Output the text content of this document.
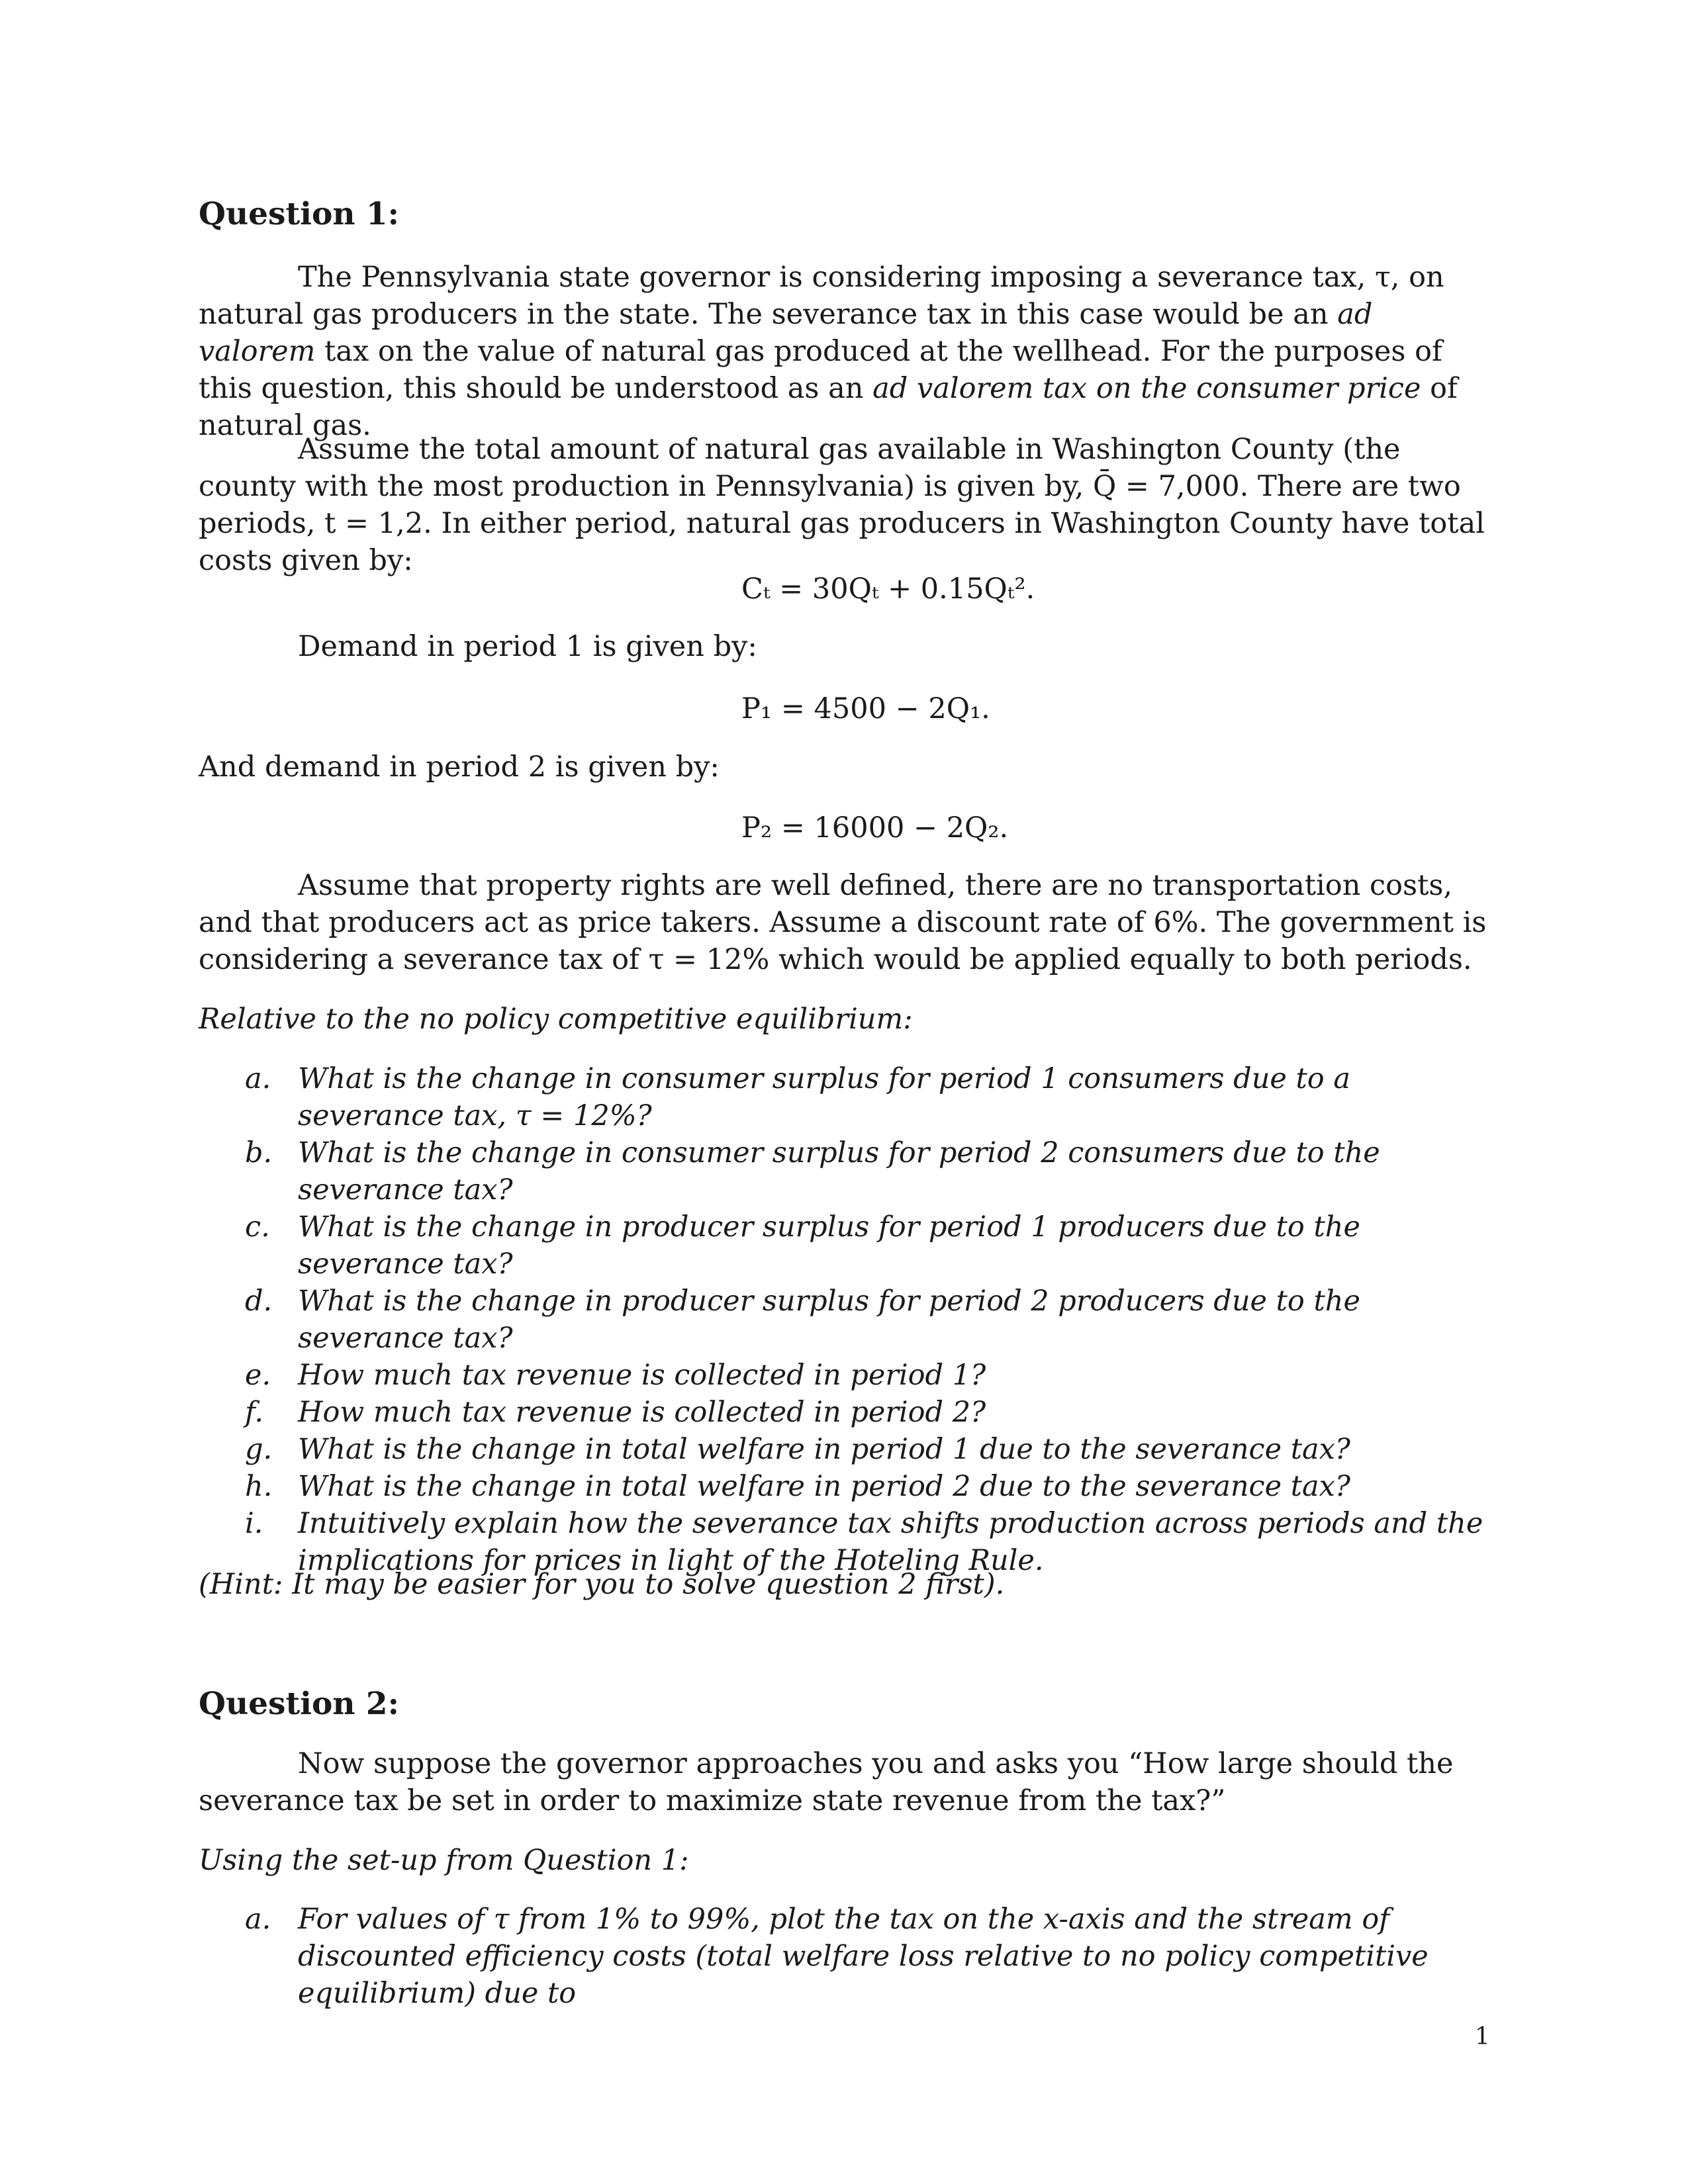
Question 1:

The Pennsylvania state governor is considering imposing a severance tax, τ, on natural gas producers in the state. The severance tax in this case would be an ad valorem tax on the value of natural gas produced at the wellhead. For the purposes of this question, this should be understood as an ad valorem tax on the consumer price of natural gas.

Assume the total amount of natural gas available in Washington County (the county with the most production in Pennsylvania) is given by, Q̄ = 7,000. There are two periods, t = 1,2. In either period, natural gas producers in Washington County have total costs given by:

Cₜ = 30Qₜ + 0.15Qₜ².

Demand in period 1 is given by:

P₁ = 4500 − 2Q₁.

And demand in period 2 is given by:

P₂ = 16000 − 2Q₂.

Assume that property rights are well defined, there are no transportation costs, and that producers act as price takers. Assume a discount rate of 6%. The government is considering a severance tax of τ = 12% which would be applied equally to both periods.

Relative to the no policy competitive equilibrium:

a. What is the change in consumer surplus for period 1 consumers due to a severance tax, τ = 12%?
b. What is the change in consumer surplus for period 2 consumers due to the severance tax?
c. What is the change in producer surplus for period 1 producers due to the severance tax?
d. What is the change in producer surplus for period 2 producers due to the severance tax?
e. How much tax revenue is collected in period 1?
f. How much tax revenue is collected in period 2?
g. What is the change in total welfare in period 1 due to the severance tax?
h. What is the change in total welfare in period 2 due to the severance tax?
i. Intuitively explain how the severance tax shifts production across periods and the implications for prices in light of the Hoteling Rule.

(Hint: It may be easier for you to solve question 2 first).

Question 2:

Now suppose the governor approaches you and asks you “How large should the severance tax be set in order to maximize state revenue from the tax?”

Using the set-up from Question 1:

a. For values of τ from 1% to 99%, plot the tax on the x-axis and the stream of discounted efficiency costs (total welfare loss relative to no policy competitive equilibrium) due to
1
